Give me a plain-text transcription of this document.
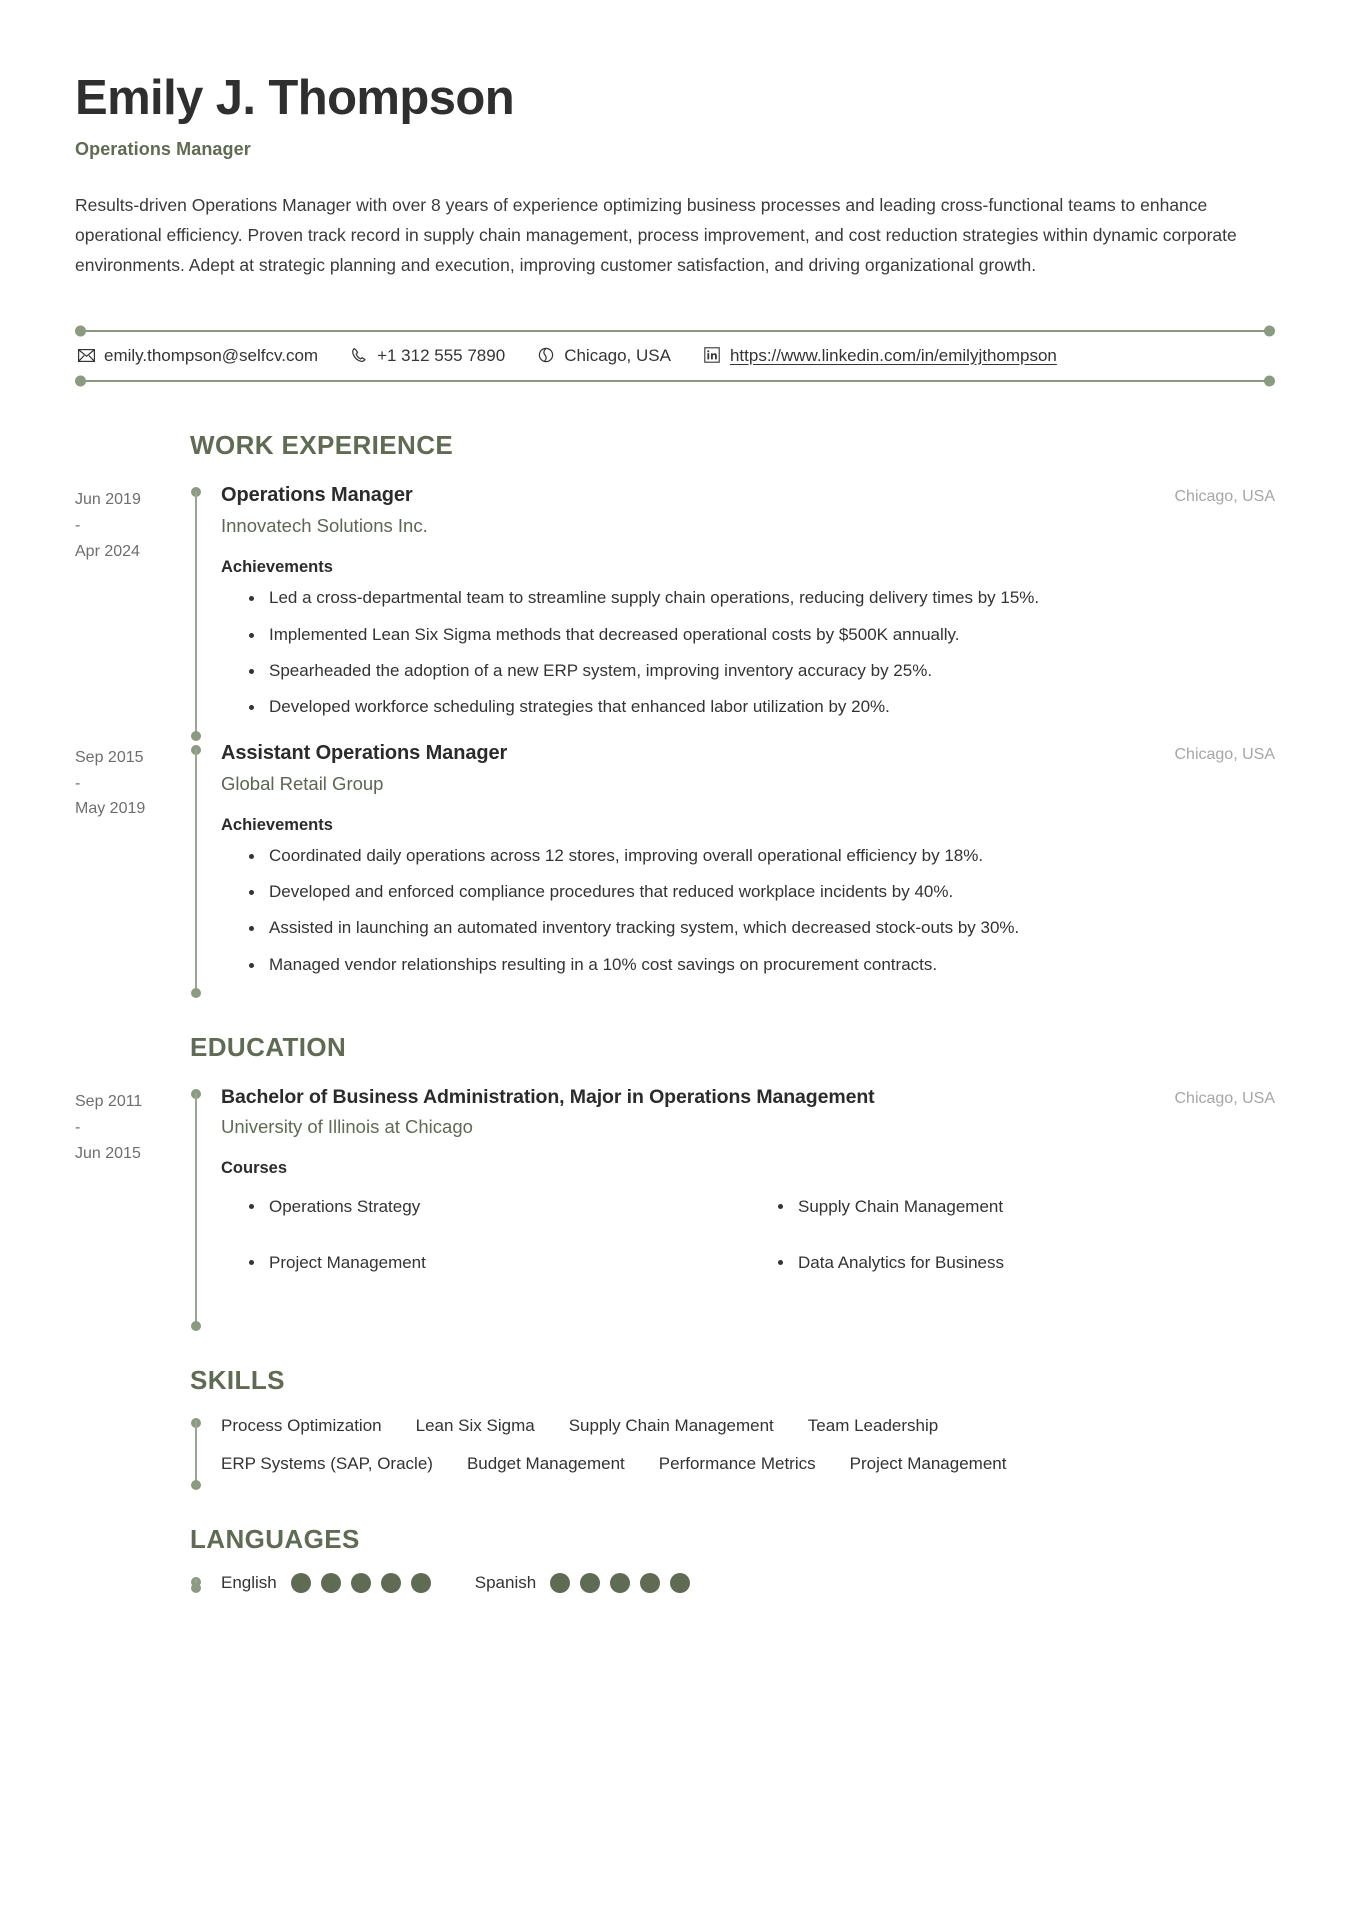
Emily J. Thompson
Operations Manager

Results-driven Operations Manager with over 8 years of experience optimizing business processes and leading cross-functional teams to enhance operational efficiency. Proven track record in supply chain management, process improvement, and cost reduction strategies within dynamic corporate environments. Adept at strategic planning and execution, improving customer satisfaction, and driving organizational growth.

emily.thompson@selfcv.com	+1 312 555 7890	Chicago, USA	https://www.linkedin.com/in/emilyjthompson
WORK EXPERIENCE
Jun 2019
-
Apr 2024
Operations Manager	Chicago, USA
Innovatech Solutions Inc.
Achievements
Led a cross-departmental team to streamline supply chain operations, reducing delivery times by 15%.
Implemented Lean Six Sigma methods that decreased operational costs by $500K annually.
Spearheaded the adoption of a new ERP system, improving inventory accuracy by 25%.
Developed workforce scheduling strategies that enhanced labor utilization by 20%.
Sep 2015
-
May 2019
Assistant Operations Manager	Chicago, USA
Global Retail Group
Achievements
Coordinated daily operations across 12 stores, improving overall operational efficiency by 18%.
Developed and enforced compliance procedures that reduced workplace incidents by 40%.
Assisted in launching an automated inventory tracking system, which decreased stock-outs by 30%.
Managed vendor relationships resulting in a 10% cost savings on procurement contracts.
EDUCATION
Sep 2011
-
Jun 2015
Bachelor of Business Administration, Major in Operations Management	Chicago, USA
University of Illinois at Chicago
Courses
Operations Strategy	Supply Chain Management
Project Management	Data Analytics for Business
SKILLS
Process Optimization Lean Six Sigma Supply Chain Management Team Leadership
ERP Systems (SAP, Oracle) Budget Management Performance Metrics Project Management
LANGUAGES
English	Spanish
